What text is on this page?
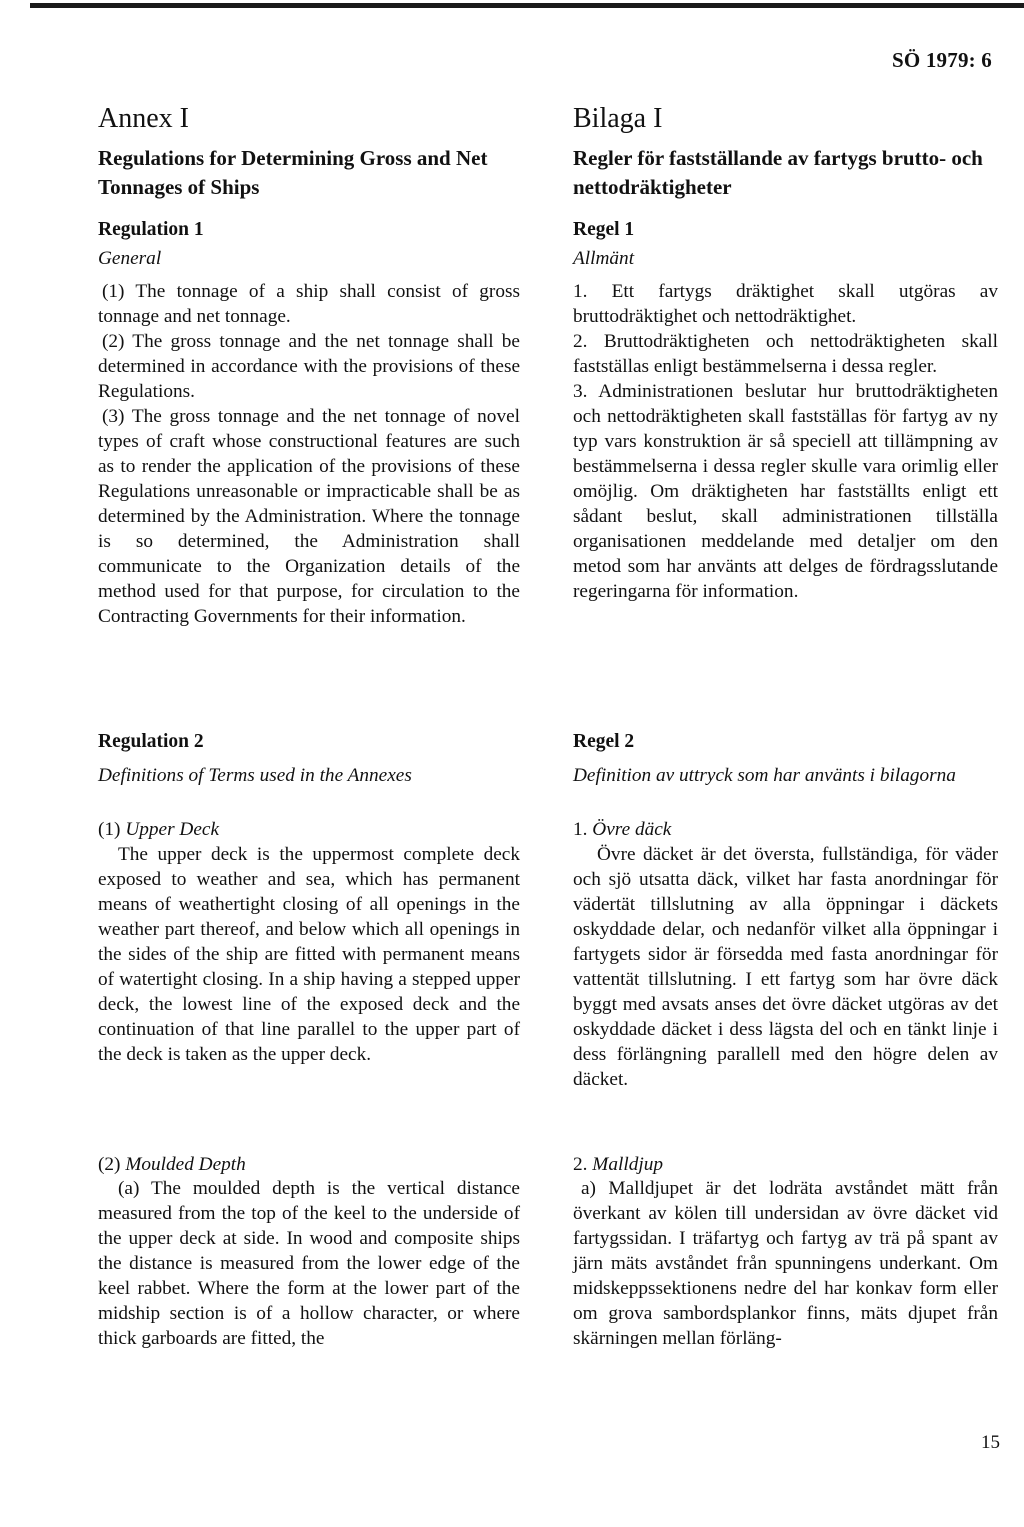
SÖ 1979: 6
Annex I
Regulations for Determining Gross and Net Tonnages of Ships
Regulation 1
General

(1) The tonnage of a ship shall consist of gross tonnage and net tonnage.

(2) The gross tonnage and the net tonnage shall be determined in accordance with the provisions of these Regulations.

(3) The gross tonnage and the net tonnage of novel types of craft whose constructional features are such as to render the application of the provisions of these Regulations unreasonable or impracticable shall be as determined by the Administration. Where the tonnage is so determined, the Administration shall communicate to the Organization details of the method used for that purpose, for circulation to the Contracting Governments for their information.

Regulation 2
Definitions of Terms used in the Annexes
(1) Upper Deck

The upper deck is the uppermost complete deck exposed to weather and sea, which has permanent means of weathertight closing of all openings in the weather part thereof, and below which all openings in the sides of the ship are fitted with permanent means of watertight closing. In a ship having a stepped upper deck, the lowest line of the exposed deck and the continuation of that line parallel to the upper part of the deck is taken as the upper deck.

(2) Moulded Depth

(a) The moulded depth is the vertical distance measured from the top of the keel to the underside of the upper deck at side. In wood and composite ships the distance is measured from the lower edge of the keel rabbet. Where the form at the lower part of the midship section is of a hollow character, or where thick garboards are fitted, the

Bilaga I
Regler för fastställande av fartygs brutto- och nettodräktigheter
Regel 1
Allmänt

1. Ett fartygs dräktighet skall utgöras av bruttodräktighet och nettodräktighet.

2. Bruttodräktigheten och nettodräktigheten skall fastställas enligt bestämmelserna i dessa regler.

3. Administrationen beslutar hur bruttodräktigheten och nettodräktigheten skall fastställas för fartyg av ny typ vars konstruktion är så speciell att tillämpning av bestämmelserna i dessa regler skulle vara orimlig eller omöjlig. Om dräktigheten har fastställts enligt ett sådant beslut, skall administrationen tillställa organisationen meddelande med detaljer om den metod som har använts att delges de fördragsslutande regeringarna för information.

Regel 2
Definition av uttryck som har använts i bilagorna
1. Övre däck

Övre däcket är det översta, fullständiga, för väder och sjö utsatta däck, vilket har fasta anordningar för vädertät tillslutning av alla öppningar i däckets oskyddade delar, och nedanför vilket alla öppningar i fartygets sidor är försedda med fasta anordningar för vattentät tillslutning. I ett fartyg som har övre däck byggt med avsats anses det övre däcket utgöras av det oskyddade däcket i dess lägsta del och en tänkt linje i dess förlängning parallell med den högre delen av däcket.

2. Malldjup

a) Malldjupet är det lodräta avståndet mätt från överkant av kölen till undersidan av övre däcket vid fartygssidan. I träfartyg och fartyg av trä på spant av järn mäts avståndet från spunningens underkant. Om midskeppssektionens nedre del har konkav form eller om grova sambordsplankor finns, mäts djupet från skärningen mellan förläng-

15
